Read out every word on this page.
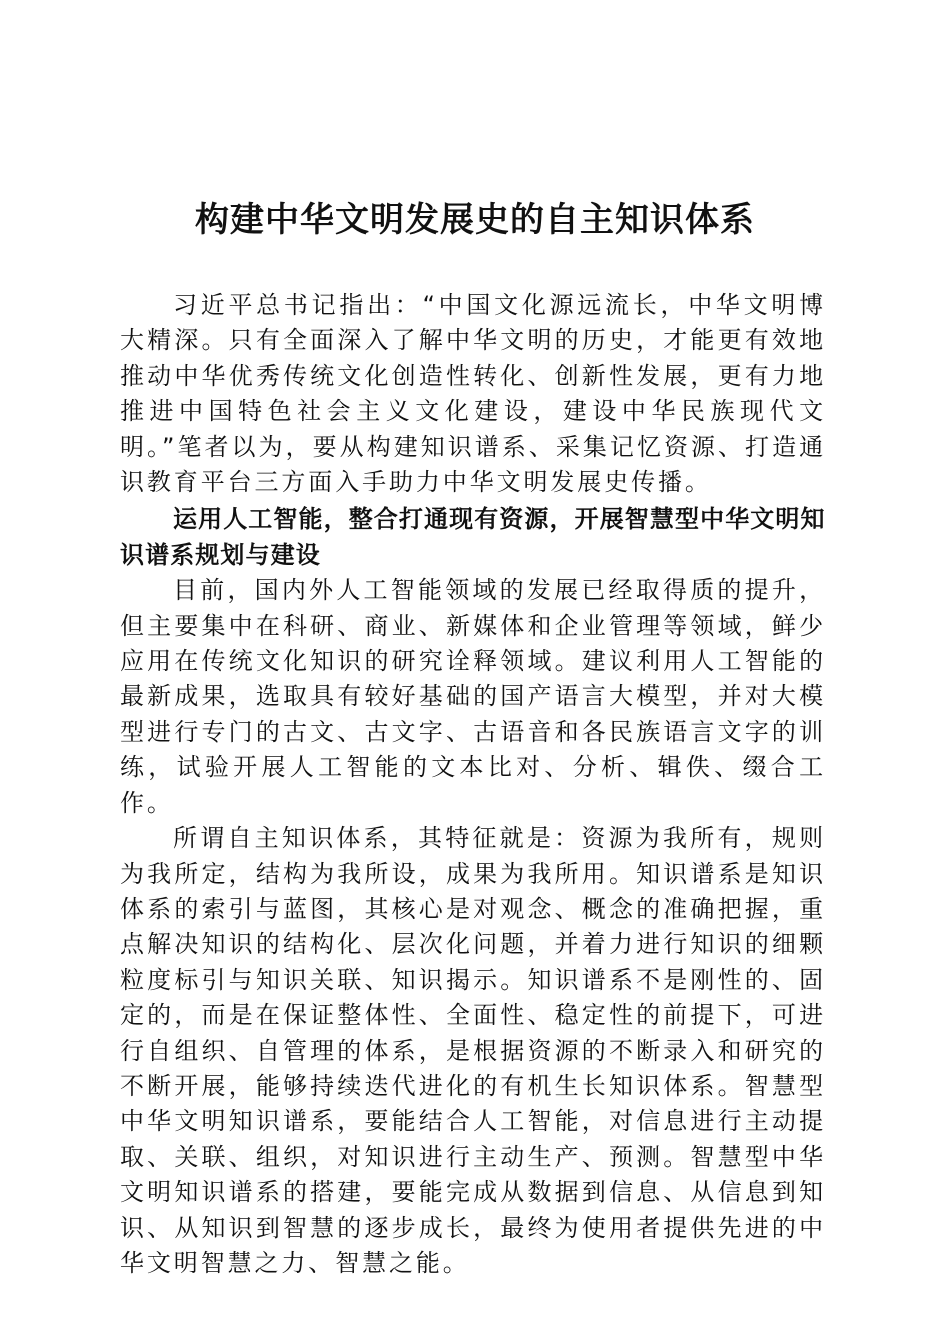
构建中华文明发展史的自主知识体系

习近平总书记指出：“中国文化源远流长，中华文明博大精深。只有全面深入了解中华文明的历史，才能更有效地推动中华优秀传统文化创造性转化、创新性发展，更有力地推进中国特色社会主义文化建设，建设中华民族现代文明。”笔者以为，要从构建知识谱系、采集记忆资源、打造通识教育平台三方面入手助力中华文明发展史传播。

运用人工智能，整合打通现有资源，开展智慧型中华文明知识谱系规划与建设

目前，国内外人工智能领域的发展已经取得质的提升，但主要集中在科研、商业、新媒体和企业管理等领域，鲜少应用在传统文化知识的研究诠释领域。建议利用人工智能的最新成果，选取具有较好基础的国产语言大模型，并对大模型进行专门的古文、古文字、古语音和各民族语言文字的训练，试验开展人工智能的文本比对、分析、辑佚、缀合工作。

所谓自主知识体系，其特征就是：资源为我所有，规则为我所定，结构为我所设，成果为我所用。知识谱系是知识体系的索引与蓝图，其核心是对观念、概念的准确把握，重点解决知识的结构化、层次化问题，并着力进行知识的细颗粒度标引与知识关联、知识揭示。知识谱系不是刚性的、固定的，而是在保证整体性、全面性、稳定性的前提下，可进行自组织、自管理的体系，是根据资源的不断录入和研究的不断开展，能够持续迭代进化的有机生长知识体系。智慧型中华文明知识谱系，要能结合人工智能，对信息进行主动提取、关联、组织，对知识进行主动生产、预测。智慧型中华文明知识谱系的搭建，要能完成从数据到信息、从信息到知识、从知识到智慧的逐步成长，最终为使用者提供先进的中华文明智慧之力、智慧之能。
